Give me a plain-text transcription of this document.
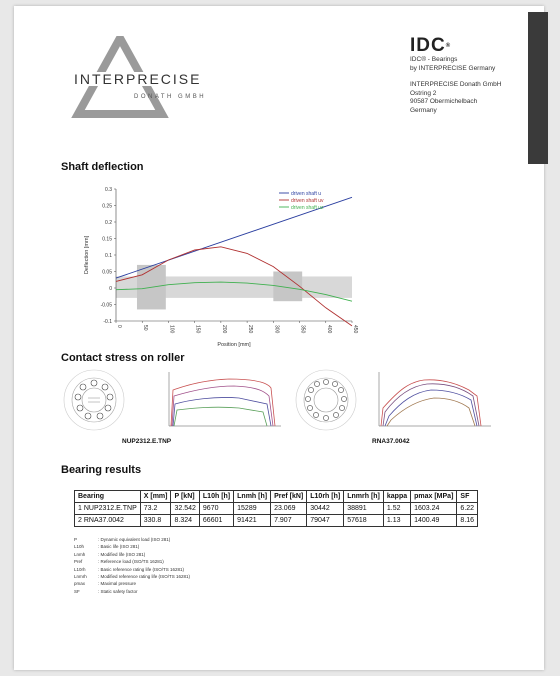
INTERPRECISE
DONATH GMBH
IDC®
IDC® - Bearings
by INTERPRECISE Germany
INTERPRECISE Donath GmbH
Ostring 2
90587 Obermichelbach
Germany
Shaft deflection
-0.1
-0.05
0
0.05
0.1
0.15
0.2
0.25
0.3
0	50	100	150	200	250	300	350	400	450
Position [mm]
Deflection [mm]
driven shaft u
driven shaft uv
driven shaft uz
Contact stress on roller
NUP2312.E.TNP	RNA37.0042
Bearing results
Bearing	X [mm]	P [kN]	L10h [h]	Lnmh [h]	Pref [kN]	L10rh [h]	Lnmrh [h]	kappa	pmax [MPa]	SF
1 NUP2312.E.TNP	73.2	32.542	9670	15289	23.069	30442	38891	1.52	1603.24	6.22
2 RNA37.0042	330.8	8.324	66601	91421	7.907	79047	57618	1.13	1400.49	8.16
P	: Dynamic equivalent load (ISO 281)
L10h	: Basic life (ISO 281)
Lnmh	: Modified life (ISO 281)
Pref	: Reference load (ISO/TS 16281)
L10rh	: Basic reference rating life (ISO/TS 16281)
Lnmrh : Modified reference rating life (ISO/TS 16281)
pmax	: Maximal pressure
SF	: Static safety factor
